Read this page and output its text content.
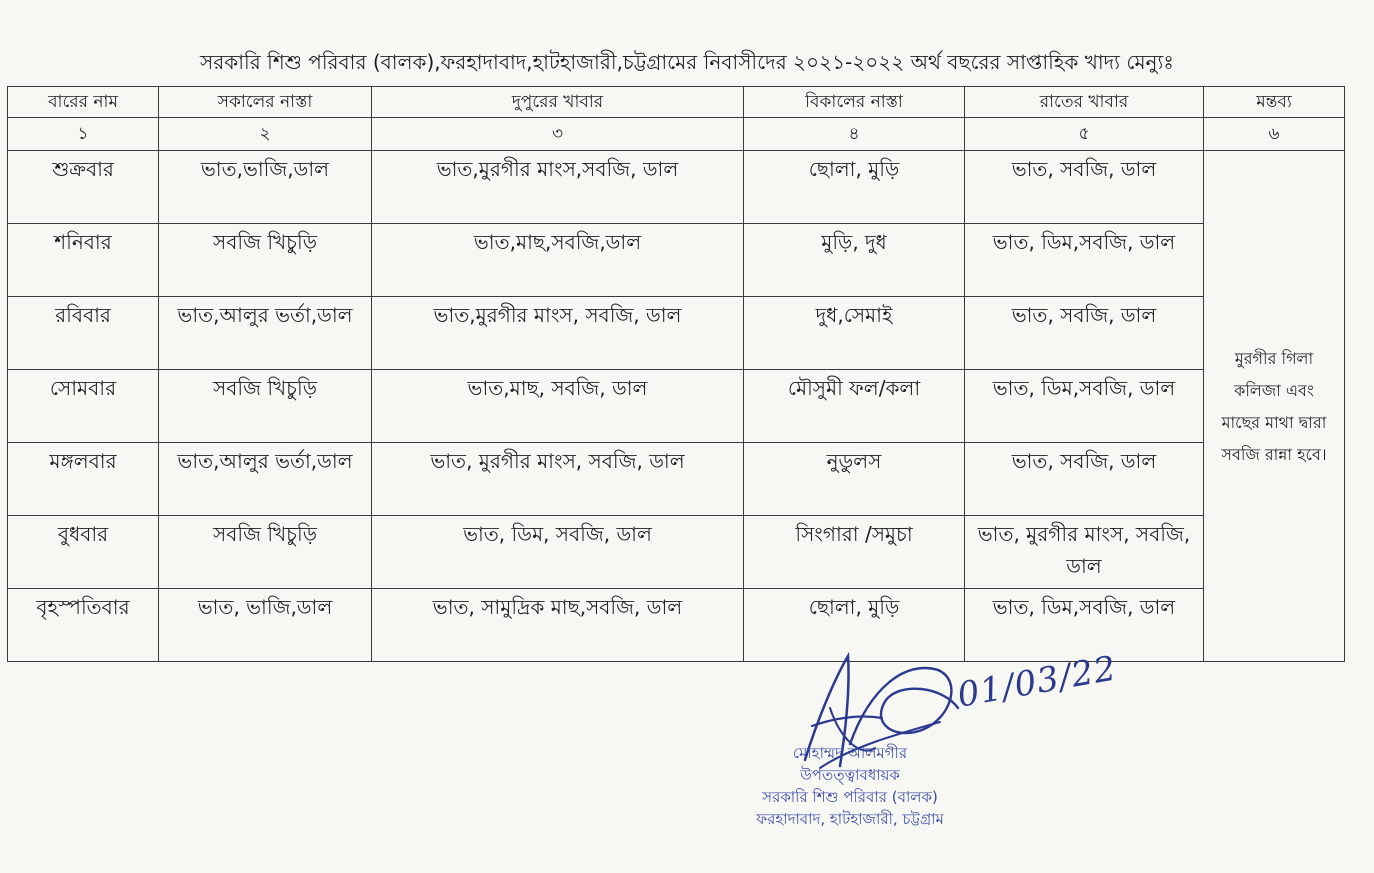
সরকারি শিশু পরিবার (বালক),ফরহাদাবাদ,হাটহাজারী,চট্টগ্রামের নিবাসীদের ২০২১-২০২২ অর্থ বছরের সাপ্তাহিক খাদ্য মেন্যুঃ
বারের নাম	সকালের নাস্তা	দুপুরের খাবার	বিকালের নাস্তা	রাতের খাবার	মন্তব্য
১	২	৩	৪	৫	৬
শুক্রবার	ভাত,ভাজি,ডাল	ভাত,মুরগীর মাংস,সবজি, ডাল	ছোলা, মুড়ি	ভাত, সবজি, ডাল	মুরগীর গিলা কলিজা এবং মাছের মাথা দ্বারা সবজি রান্না হবে।
শনিবার	সবজি খিচুড়ি	ভাত,মাছ,সবজি,ডাল	মুড়ি, দুধ	ভাত, ডিম,সবজি, ডাল	
রবিবার	ভাত,আলুর ভর্তা,ডাল	ভাত,মুরগীর মাংস, সবজি, ডাল	দুধ,সেমাই	ভাত, সবজি, ডাল	
সোমবার	সবজি খিচুড়ি	ভাত,মাছ, সবজি, ডাল	মৌসুমী ফল/কলা	ভাত, ডিম,সবজি, ডাল	
মঙ্গলবার	ভাত,আলুর ভর্তা,ডাল	ভাত, মুরগীর মাংস, সবজি, ডাল	নুডুলস	ভাত, সবজি, ডাল	
বুধবার	সবজি খিচুড়ি	ভাত, ডিম, সবজি, ডাল	সিংগারা /সমুচা	ভাত, মুরগীর মাংস, সবজি, ডাল	
বৃহস্পতিবার	ভাত, ভাজি,ডাল	ভাত, সামুদ্রিক মাছ,সবজি, ডাল	ছোলা, মুড়ি	ভাত, ডিম,সবজি, ডাল	
01/03/22
মোহাম্মদ আলমগীর
উপতত্ত্বাবধায়ক
সরকারি শিশু পরিবার (বালক)
ফরহাদাবাদ, হাটহাজারী, চট্টগ্রাম
